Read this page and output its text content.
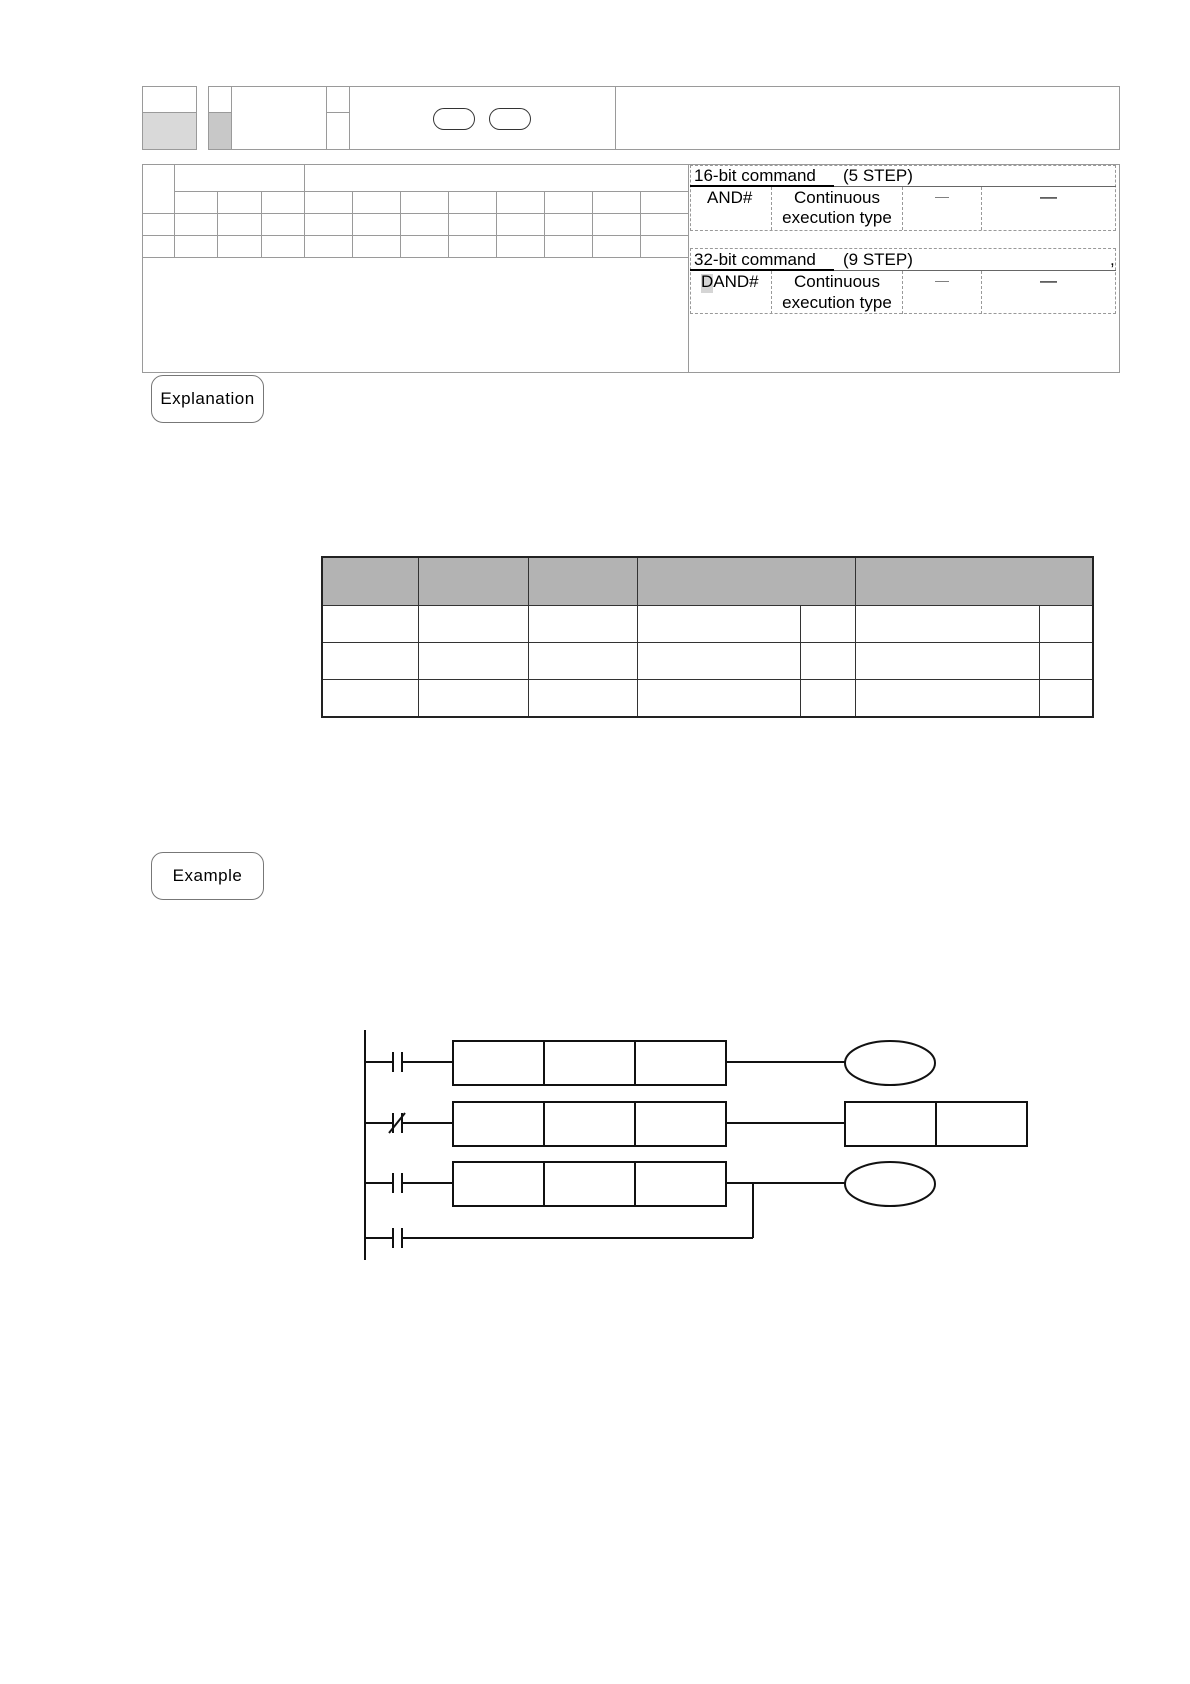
16-bit command (5 STEP)
AND#	Continuous
execution type
—	—
32-bit command (9 STEP)	,
DAND#	Continuous
execution type
—	—
Explanation

Example
